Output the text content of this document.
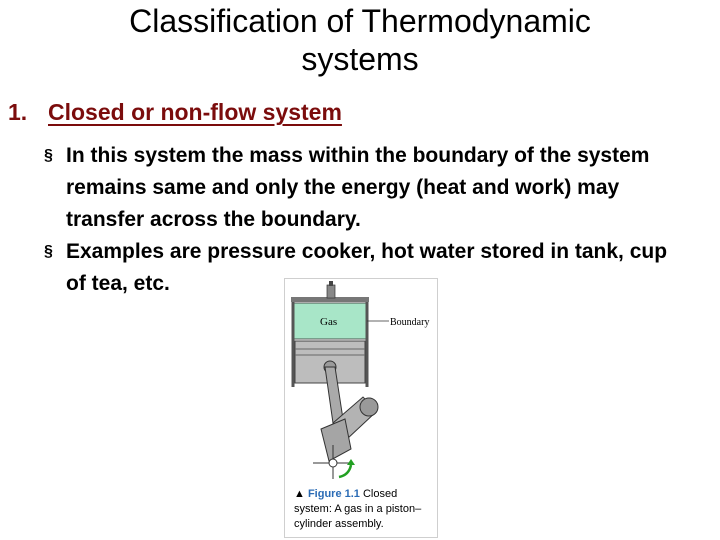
Classification of Thermodynamic
systems
1. Closed or non-flow system
§ In this system the mass within the boundary of the system remains same and only the energy (heat and work) may transfer across the boundary.
§ Examples are pressure cooker, hot water stored in tank, cup of tea, etc.
Gas	Boundary
▲ Figure 1.1 Closed system: A gas in a piston–cylinder assembly.
